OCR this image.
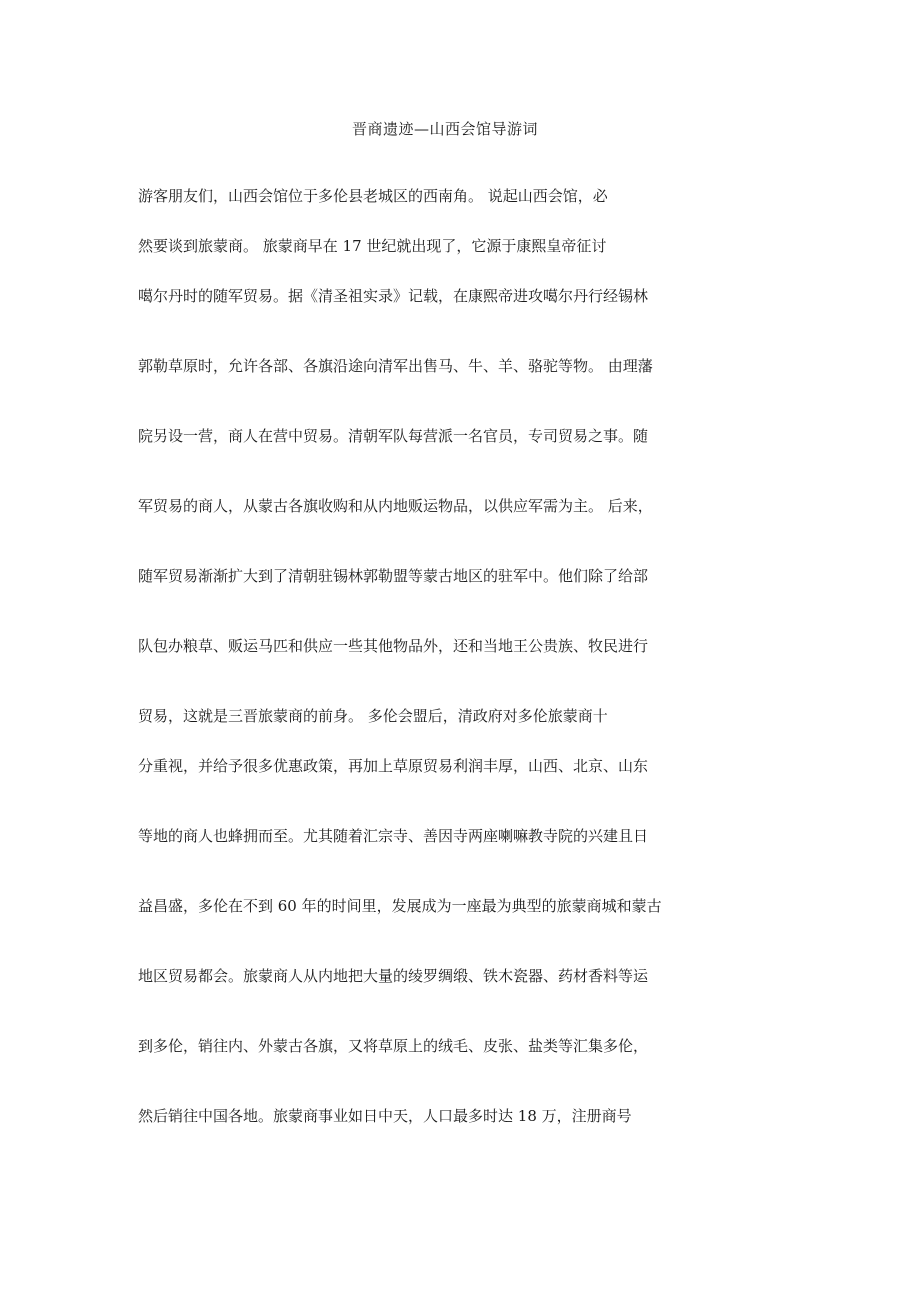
晋商遗迹—山西会馆导游词
游客朋友们，山西会馆位于多伦县老城区的西南角。 说起山西会馆，必
然要谈到旅蒙商。 旅蒙商早在 17 世纪就出现了，它源于康熙皇帝征讨
噶尔丹时的随军贸易。据《清圣祖实录》记载，在康熙帝进攻噶尔丹行经锡林
郭勒草原时，允许各部、各旗沿途向清军出售马、牛、羊、骆驼等物。 由理藩
院另设一营，商人在营中贸易。清朝军队每营派一名官员，专司贸易之事。随
军贸易的商人，从蒙古各旗收购和从内地贩运物品，以供应军需为主。 后来，
随军贸易渐渐扩大到了清朝驻锡林郭勒盟等蒙古地区的驻军中。他们除了给部
队包办粮草、贩运马匹和供应一些其他物品外，还和当地王公贵族、牧民进行
贸易，这就是三晋旅蒙商的前身。 多伦会盟后，清政府对多伦旅蒙商十
分重视，并给予很多优惠政策，再加上草原贸易利润丰厚，山西、北京、山东
等地的商人也蜂拥而至。尤其随着汇宗寺、善因寺两座喇嘛教寺院的兴建且日
益昌盛，多伦在不到 60 年的时间里，发展成为一座最为典型的旅蒙商城和蒙古
地区贸易都会。旅蒙商人从内地把大量的绫罗绸缎、铁木瓷器、药材香料等运
到多伦，销往内、外蒙古各旗，又将草原上的绒毛、皮张、盐类等汇集多伦，
然后销往中国各地。旅蒙商事业如日中天，人口最多时达 18 万，注册商号
